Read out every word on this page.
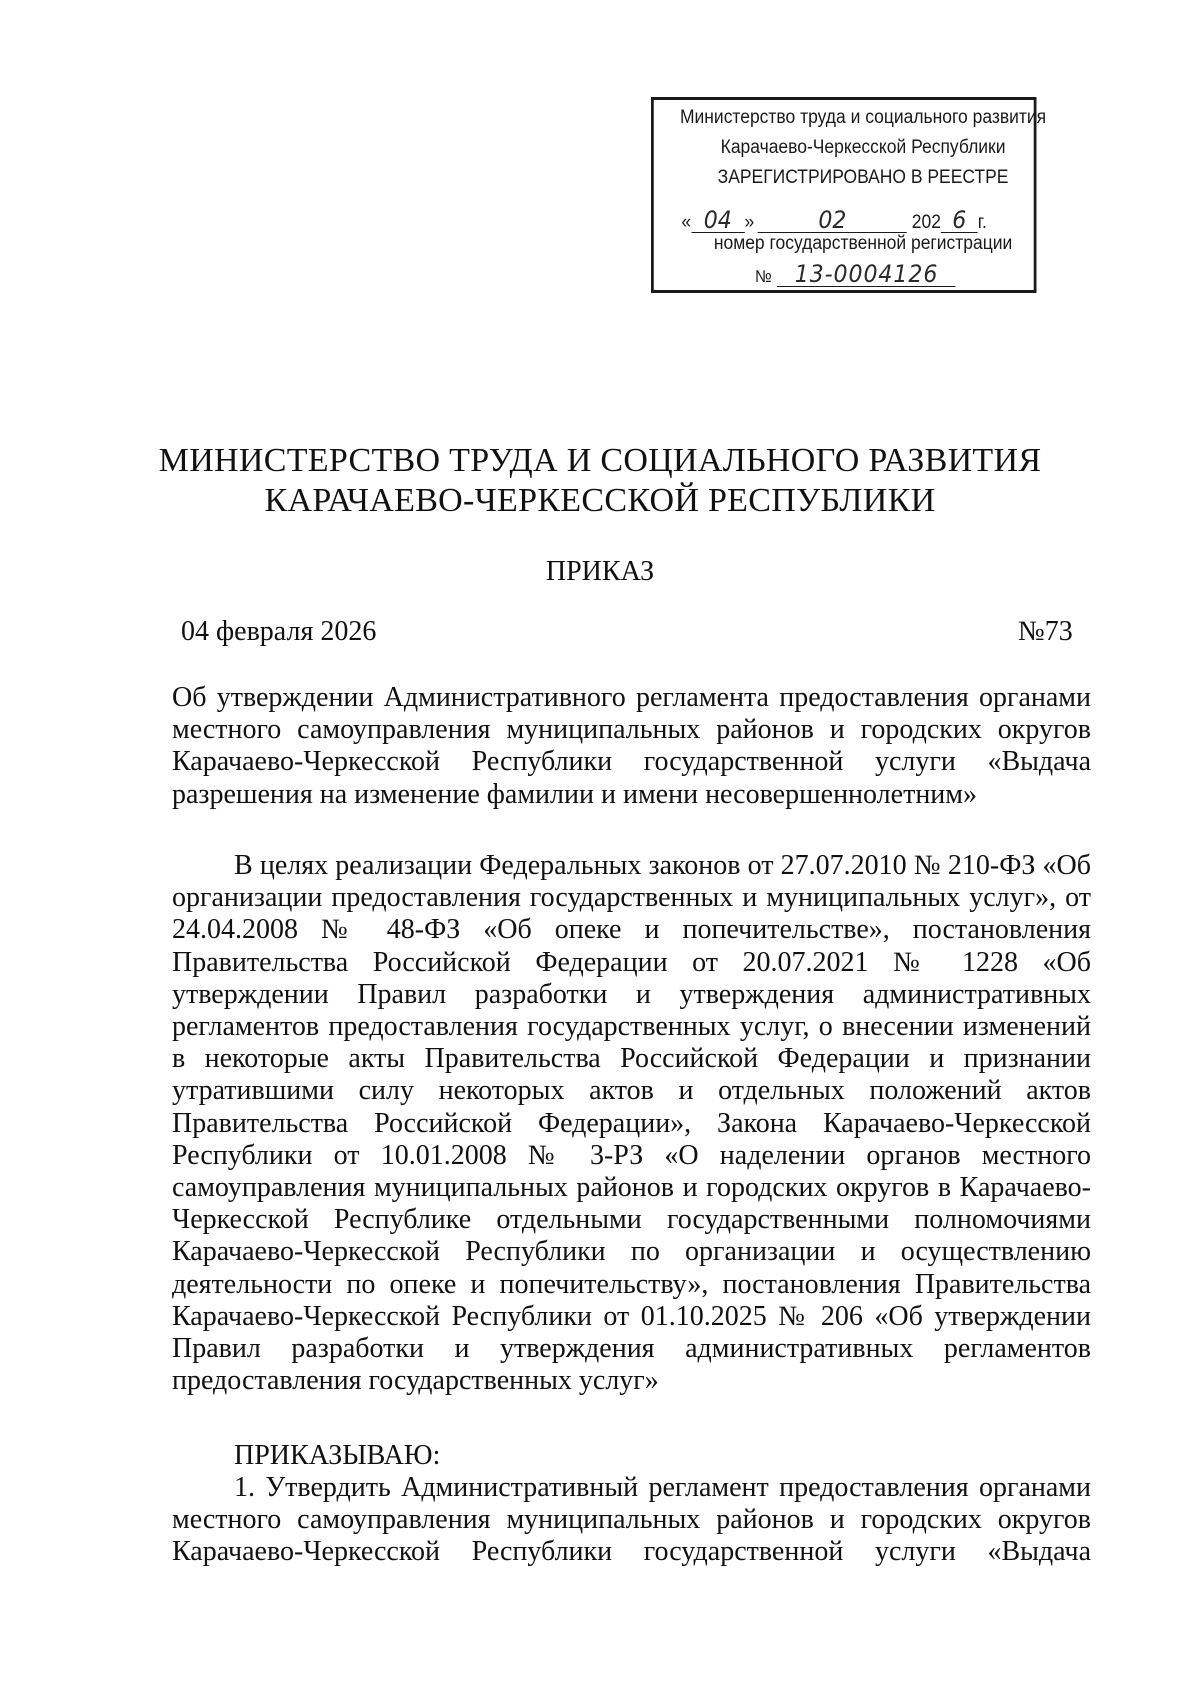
Министерство труда и социального развития
Карачаево-Черкесской Республики
ЗАРЕГИСТРИРОВАНО В РЕЕСТРЕ
« 04 »	02	202 6 г.
номер государственной регистрации
№ 13-0004126
МИНИСТЕРСТВО ТРУДА И СОЦИАЛЬНОГО РАЗВИТИЯ
КАРАЧАЕВО-ЧЕРКЕССКОЙ РЕСПУБЛИКИ
ПРИКАЗ
04 февраля 2026	№73
Об утверждении Административного регламента предоставления органами местного самоуправления муниципальных районов и городских округов Карачаево-Черкесской Республики государственной услуги «Выдача разрешения на изменение фамилии и имени несовершеннолетним»
В целях реализации Федеральных законов от 27.07.2010 № 210-ФЗ «Об организации предоставления государственных и муниципальных услуг», от 24.04.2008 № 48-ФЗ «Об опеке и попечительстве», постановления Правительства Российской Федерации от 20.07.2021 № 1228 «Об утверждении Правил разработки и утверждения административных регламентов предоставления государственных услуг, о внесении изменений в некоторые акты Правительства Российской Федерации и признании утратившими силу некоторых актов и отдельных положений актов Правительства Российской Федерации», Закона Карачаево-Черкесской Республики от 10.01.2008 № 3-РЗ «О наделении органов местного самоуправления муниципальных районов и городских округов в Карачаево-Черкесской Республике отдельными государственными полномочиями Карачаево-Черкесской Республики по организации и осуществлению деятельности по опеке и попечительству», постановления Правительства Карачаево-Черкесской Республики от 01.10.2025 № 206 «Об утверждении Правил разработки и утверждения административных регламентов предоставления государственных услуг»
ПРИКАЗЫВАЮ:
1. Утвердить Административный регламент предоставления органами местного самоуправления муниципальных районов и городских округов Карачаево-Черкесской Республики государственной услуги «Выдача
